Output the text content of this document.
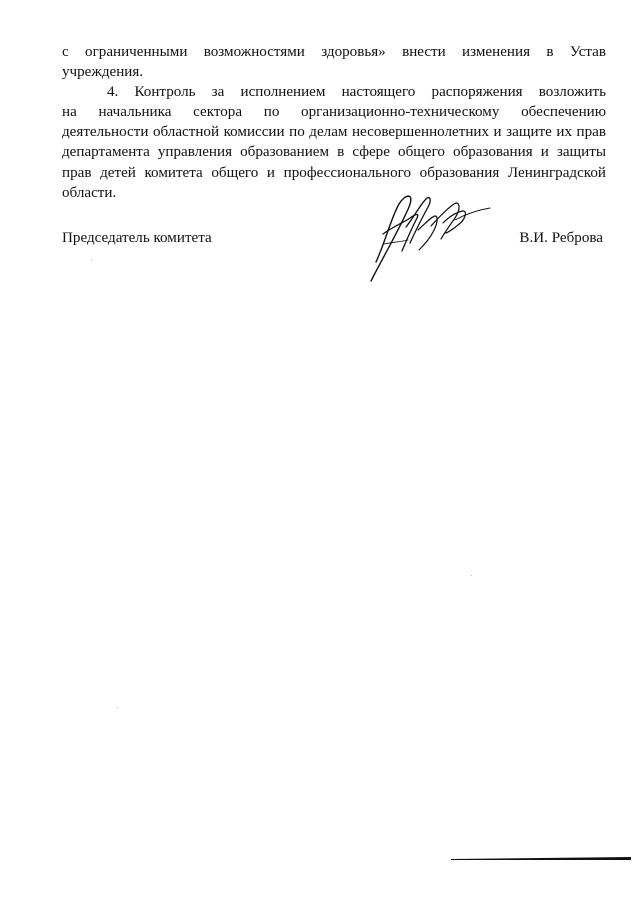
с ограниченными возможностями здоровья» внести изменения в Устав
учреждения.
4. Контроль за исполнением настоящего распоряжения возложить
на начальника сектора по организационно-техническому обеспечению
деятельности областной комиссии по делам несовершеннолетних и защите их прав
департамента управления образованием в сфере общего образования и защиты
прав детей комитета общего и профессионального образования Ленинградской
области.
Председатель комитета	В.И. Реброва
